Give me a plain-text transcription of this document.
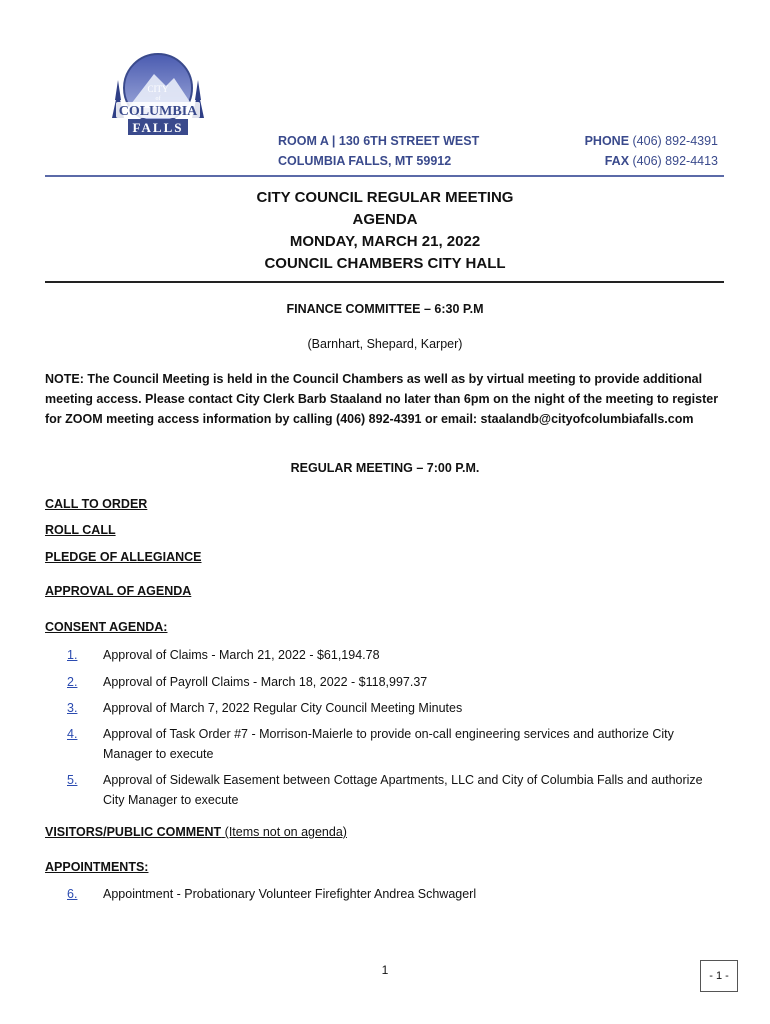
CITY
of
COLUMBIA
FALLS
ROOM A | 130 6TH STREET WEST
COLUMBIA FALLS, MT 59912
PHONE (406) 892-4391
FAX (406) 892-4413
CITY COUNCIL REGULAR MEETING
AGENDA
MONDAY, MARCH 21, 2022
COUNCIL CHAMBERS CITY HALL
FINANCE COMMITTEE – 6:30 P.M
(Barnhart, Shepard, Karper)
NOTE: The Council Meeting is held in the Council Chambers as well as by virtual meeting to provide additional meeting access. Please contact City Clerk Barb Staaland no later than 6pm on the night of the meeting to register for ZOOM meeting access information by calling (406) 892-4391 or email: staalandb@cityofcolumbiafalls.com
REGULAR MEETING – 7:00 P.M.
CALL TO ORDER
ROLL CALL
PLEDGE OF ALLEGIANCE
APPROVAL OF AGENDA
CONSENT AGENDA:
1. Approval of Claims - March 21, 2022 - $61,194.78
2. Approval of Payroll Claims - March 18, 2022 - $118,997.37
3. Approval of March 7, 2022 Regular City Council Meeting Minutes
4. Approval of Task Order #7 - Morrison-Maierle to provide on-call engineering services and authorize City Manager to execute
5. Approval of Sidewalk Easement between Cottage Apartments, LLC and City of Columbia Falls and authorize City Manager to execute
VISITORS/PUBLIC COMMENT (Items not on agenda)
APPOINTMENTS:
6. Appointment - Probationary Volunteer Firefighter Andrea Schwagerl
1	- 1 -
